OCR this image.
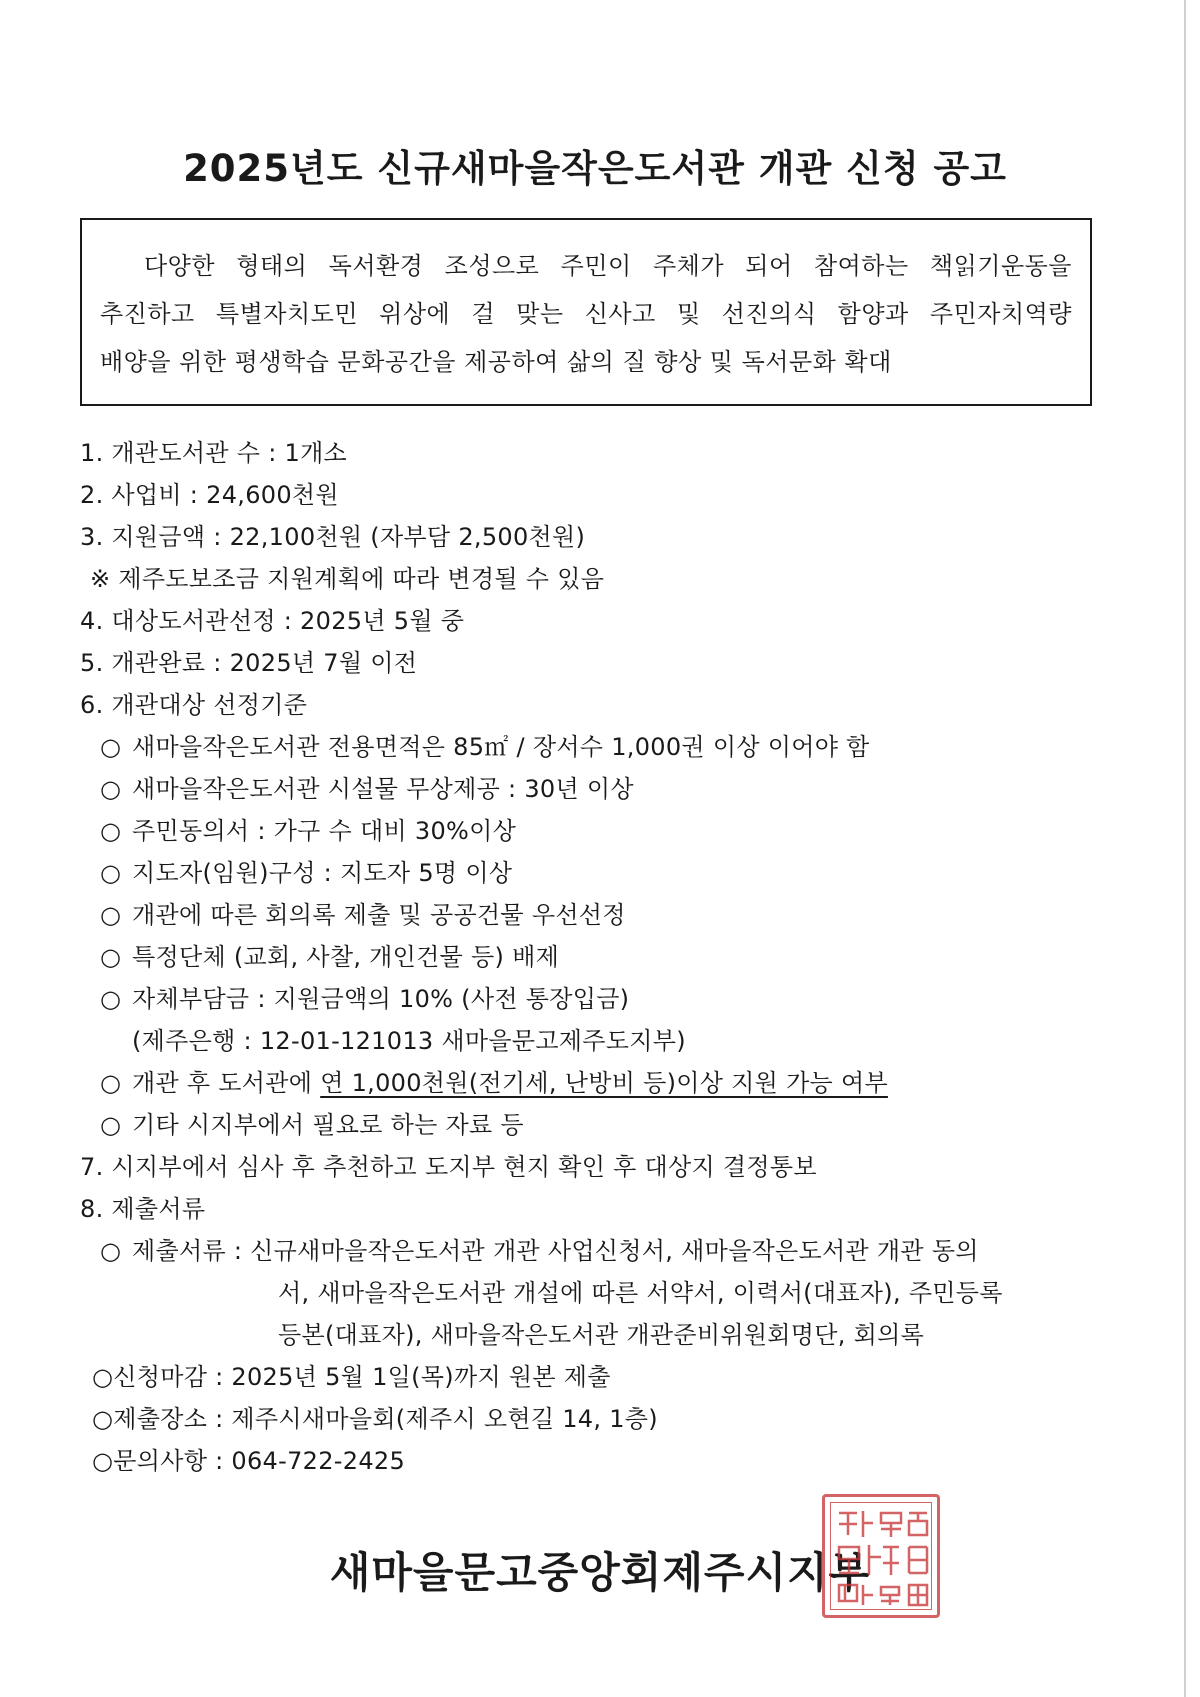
2025년도 신규새마을작은도서관 개관 신청 공고
다양한 형태의 독서환경 조성으로 주민이 주체가 되어 참여하는 책읽기운동을
추진하고 특별자치도민 위상에 걸 맞는 신사고 및 선진의식 함양과 주민자치역량
배양을 위한 평생학습 문화공간을 제공하여 삶의 질 향상 및 독서문화 확대
1. 개관도서관 수 : 1개소
2. 사업비 : 24,600천원
3. 지원금액 : 22,100천원 (자부담 2,500천원)
※ 제주도보조금 지원계획에 따라 변경될 수 있음
4. 대상도서관선정 : 2025년 5월 중
5. 개관완료 : 2025년 7월 이전
6. 개관대상 선정기준
○ 새마을작은도서관 전용면적은 85㎡ / 장서수 1,000권 이상 이어야 함
○ 새마을작은도서관 시설물 무상제공 : 30년 이상
○ 주민동의서 : 가구 수 대비 30%이상
○ 지도자(임원)구성 : 지도자 5명 이상
○ 개관에 따른 회의록 제출 및 공공건물 우선선정
○ 특정단체 (교회, 사찰, 개인건물 등) 배제
○ 자체부담금 : 지원금액의 10% (사전 통장입금)
(제주은행 : 12-01-121013 새마을문고제주도지부)
○ 개관 후 도서관에 연 1,000천원(전기세, 난방비 등)이상 지원 가능 여부
○ 기타 시지부에서 필요로 하는 자료 등
7. 시지부에서 심사 후 추천하고 도지부 현지 확인 후 대상지 결정통보
8. 제출서류
○ 제출서류 : 신규새마을작은도서관 개관 사업신청서, 새마을작은도서관 개관 동의
서, 새마을작은도서관 개설에 따른 서약서, 이력서(대표자), 주민등록
등본(대표자), 새마을작은도서관 개관준비위원회명단, 회의록
○신청마감 : 2025년 5월 1일(목)까지 원본 제출
○제출장소 : 제주시새마을회(제주시 오현길 14, 1층)
○문의사항 : 064-722-2425
새마을문고중앙회제주시지부
